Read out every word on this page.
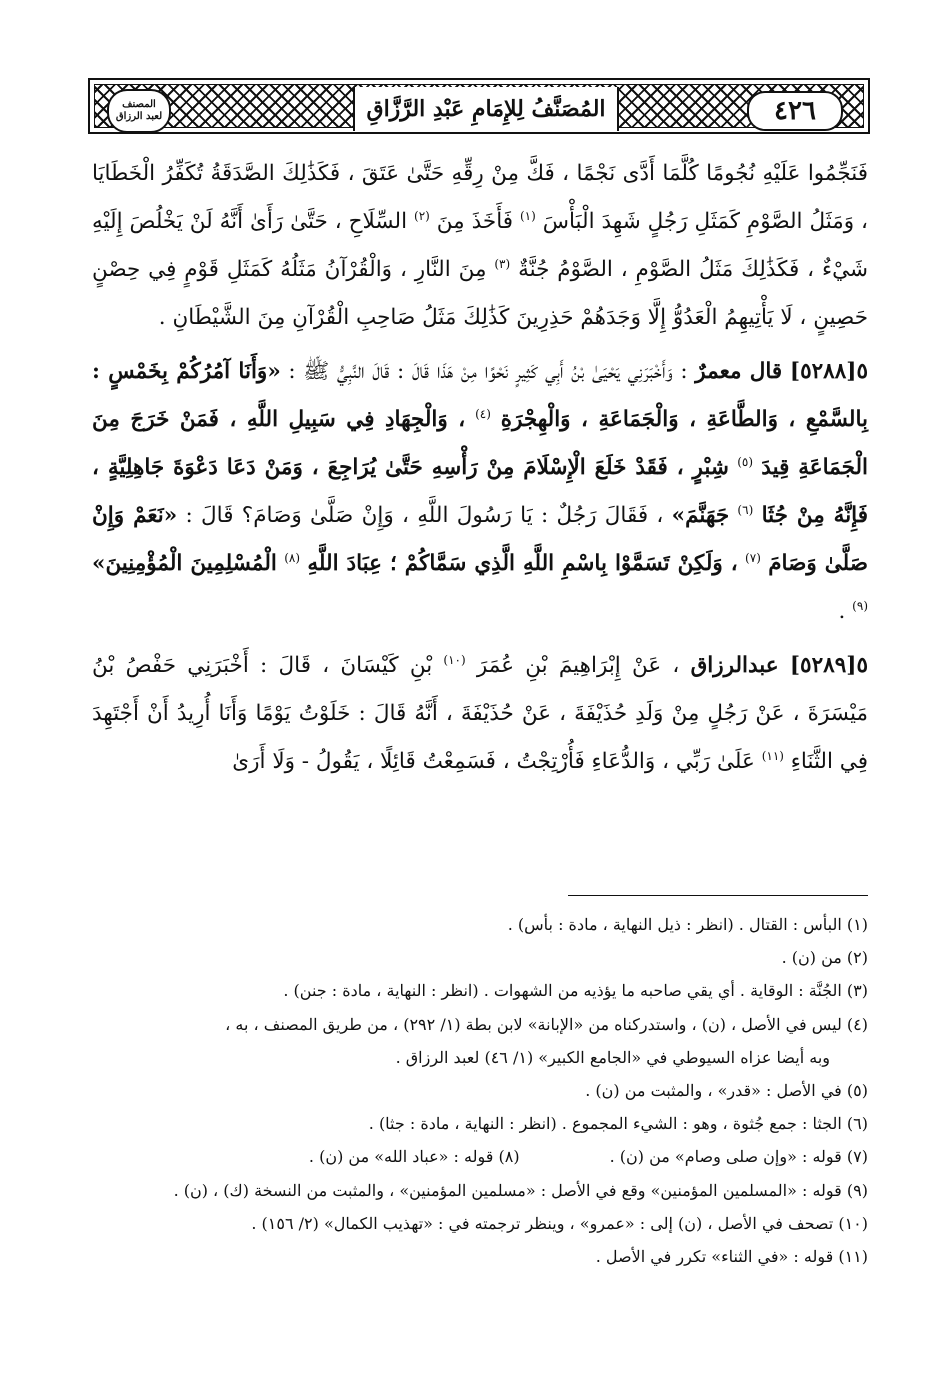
المصنف
لعبد الرزاق	المُصَنَّفُ لِلإِمَامِ عَبْدِ الرَّزَّاقِ	٤٢٦

فَنَجِّمُوا عَلَيْهِ نُجُومًا كُلَّمَا أَدَّى نَجْمًا ، فَكَّ مِنْ رِقِّهِ حَتَّىٰ عَتَقَ ، فَكَذَٰلِكَ الصَّدَقَةُ تُكَفِّرُ الْخَطَايَا ، وَمَثَلُ الصَّوْمِ كَمَثَلِ رَجُلٍ شَهِدَ الْبَأْسَ $^{(١)}$ فَأَخَذَ مِنَ $^{(٢)}$ السِّلَاحِ ، حَتَّىٰ رَأَىٰ أَنَّهُ لَنْ يَخْلُصَ إِلَيْهِ شَيْءٌ ، فَكَذَٰلِكَ مَثَلُ الصَّوْمِ ، الصَّوْمُ جُنَّةٌ $^{(٣)}$ مِنَ النَّارِ ، وَالْقُرْآنُ مَثَلُهُ كَمَثَلِ قَوْمٍ فِي حِصْنٍ حَصِينٍ ، لَا يَأْتِيهِمُ الْعَدُوُّ إِلَّا وَجَدَهُمْ حَذِرِينَ كَذَٰلِكَ مَثَلُ صَاحِبِ الْقُرْآنِ مِنَ الشَّيْطَانِ .

٥[٥٢٨٨] قال معمرٌ : وَأَخْبَرَنِي يَحْيَىٰ بْنُ أَبِي كَثِيرٍ نَحْوًا مِنْ هَذَا قَالَ : قَالَ النَّبِيُّ ﷺ : «وَأَنَا آمُرُكُمْ بِخَمْسٍ : بِالسَّمْعِ ، وَالطَّاعَةِ ، وَالْجَمَاعَةِ ، وَالْهِجْرَةِ $^{(٤)}$ ، وَالْجِهَادِ فِي سَبِيلِ اللَّهِ ، فَمَنْ خَرَجَ مِنَ الْجَمَاعَةِ قِيدَ $^{(٥)}$ شِبْرٍ ، فَقَدْ خَلَعَ الْإِسْلَامَ مِنْ رَأْسِهِ حَتَّىٰ يُرَاجِعَ ، وَمَنْ دَعَا دَعْوَةَ جَاهِلِيَّةٍ ، فَإِنَّهُ مِنْ جُثَا $^{(٦)}$ جَهَنَّمَ» ، فَقَالَ رَجُلٌ : يَا رَسُولَ اللَّهِ ، وَإِنْ صَلَّىٰ وَصَامَ؟ قَالَ : «نَعَمْ وَإِنْ صَلَّىٰ وَصَامَ $^{(٧)}$ ، وَلَكِنْ تَسَمَّوْا بِاسْمِ اللَّهِ الَّذِي سَمَّاكُمْ ؛ عِبَادَ اللَّهِ $^{(٨)}$ الْمُسْلِمِينَ الْمُؤْمِنِينَ» $^{(٩)}$ .

٥[٥٢٨٩] عبدالرزاق ، عَنْ إِبْرَاهِيمَ بْنِ عُمَرَ $^{(١٠)}$ بْنِ كَيْسَانَ ، قَالَ : أَخْبَرَنِي حَفْصُ بْنُ مَيْسَرَةَ ، عَنْ رَجُلٍ مِنْ وَلَدِ حُذَيْفَةَ ، عَنْ حُذَيْفَةَ ، أَنَّهُ قَالَ : خَلَوْتُ يَوْمًا وَأَنَا أُرِيدُ أَنْ أَجْتَهِدَ فِي الثَّنَاءِ $^{(١١)}$ عَلَىٰ رَبِّي ، وَالدُّعَاءِ فَأُرْتِجْتُ ، فَسَمِعْتُ قَائِلًا ، يَقُولُ - وَلَا أَرَىٰ

(١) البأس : القتال . (انظر : ذيل النهاية ، مادة : بأس) .

(٢) من (ن) .

(٣) الجُنَّة : الوقاية . أي يقي صاحبه ما يؤذيه من الشهوات . (انظر : النهاية ، مادة : جنن) .

(٤) ليس في الأصل ، (ن) ، واستدركناه من «الإبانة» لابن بطة (١/ ٢٩٢) ، من طريق المصنف ، به ،

وبه أيضا عزاه السيوطي في «الجامع الكبير» (١/ ٤٦) لعبد الرزاق .

(٥) في الأصل : «قدر» ، والمثبت من (ن) .

(٦) الجثا : جمع جُثوة ، وهو : الشيء المجموع . (انظر : النهاية ، مادة : جثا) .

(٧) قوله : «وإن صلى وصام» من (ن) .
(٨) قوله : «عباد الله» من (ن) .

(٩) قوله : «المسلمين المؤمنين» وقع في الأصل : «مسلمين المؤمنين» ، والمثبت من النسخة (ك) ، (ن) .

(١٠) تصحف في الأصل ، (ن) إلى : «عمرو» ، وينظر ترجمته في : «تهذيب الكمال» (٢/ ١٥٦) .

(١١) قوله : «في الثناء» تكرر في الأصل .
